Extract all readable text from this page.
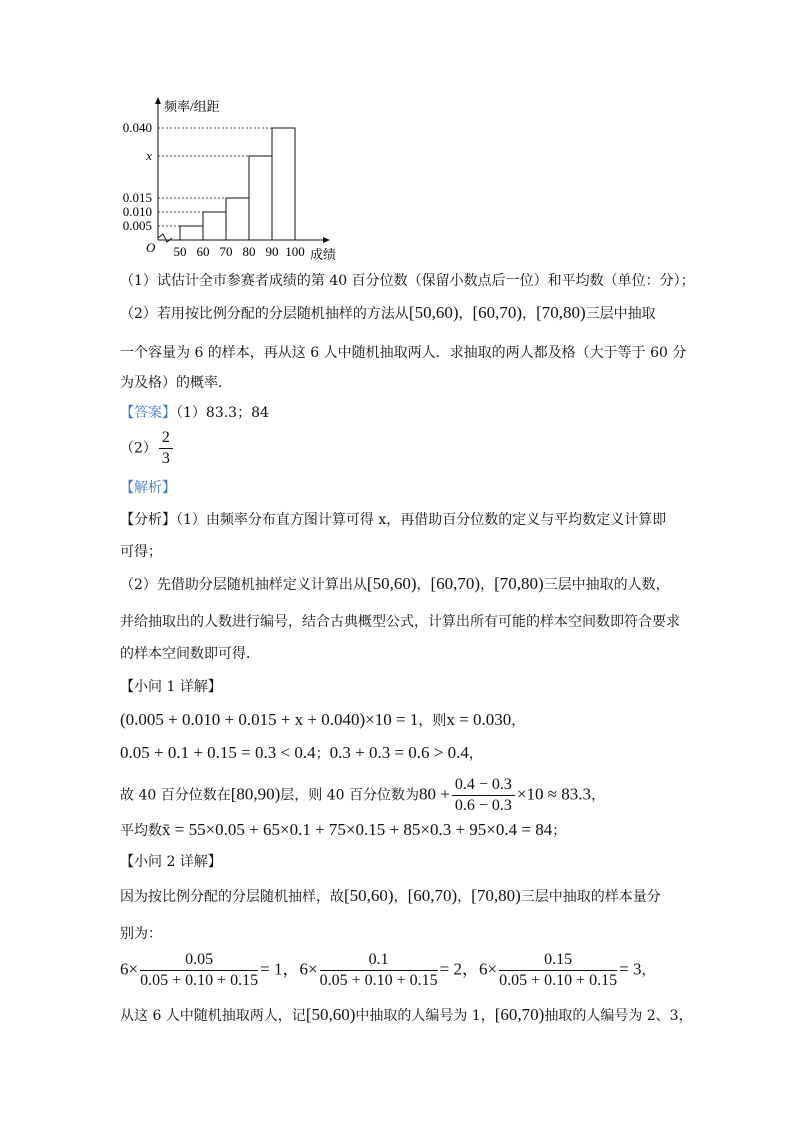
0.005
0.010
0.015
x
0.040
50 60 70 80 90 100
O
频率/组距
成绩
（1）试估计全市参赛者成绩的第 40 百分位数（保留小数点后一位）和平均数（单位：分）；
（2）若用按比例分配的分层随机抽样的方法从[50,60)，[60,70)，[70,80)三层中抽取
一个容量为 6 的样本，再从这 6 人中随机抽取两人．求抽取的两人都及格（大于等于 60 分
为及格）的概率．
【答案】（1）83.3；84
$(2) \frac{2}{3}$
【解析】
【分析】（1）由频率分布直方图计算可得 x，再借助百分位数的定义与平均数定义计算即
可得；
（2）先借助分层随机抽样定义计算出从[50,60)，[60,70)，[70,80)三层中抽取的人数，
并给抽取出的人数进行编号，结合古典概型公式，计算出所有可能的样本空间数即符合要求
的样本空间数即可得．
【小问 1 详解】
(0.005 + 0.010 + 0.015 + x + 0.040)×10 = 1，则x = 0.030，
0.05 + 0.1 + 0.15 = 0.3 < 0.4；0.3 + 0.3 = 0.6 > 0.4，
故 40 百分位数在[80,90)层，则 40 百分位数为$80 + \frac{0.4 - 0.3}{0.6 - 0.3} \times 10 \approx 83.3$，
平均数x̄ = 55×0.05 + 65×0.1 + 75×0.15 + 85×0.3 + 95×0.4 = 84；
【小问 2 详解】
因为按比例分配的分层随机抽样，故[50,60)，[60,70)，[70,80)三层中抽取的样本量分
别为：
$6\times \frac{0.05}{0.05 + 0.10 + 0.15} = 1$，$6\times \frac{0.1}{0.05 + 0.10 + 0.15} = 2$，$6\times \frac{0.15}{0.05 + 0.10 + 0.15} = 3$，
从这 6 人中随机抽取两人，记[50,60)中抽取的人编号为 1，[60,70)抽取的人编号为 2、3，
